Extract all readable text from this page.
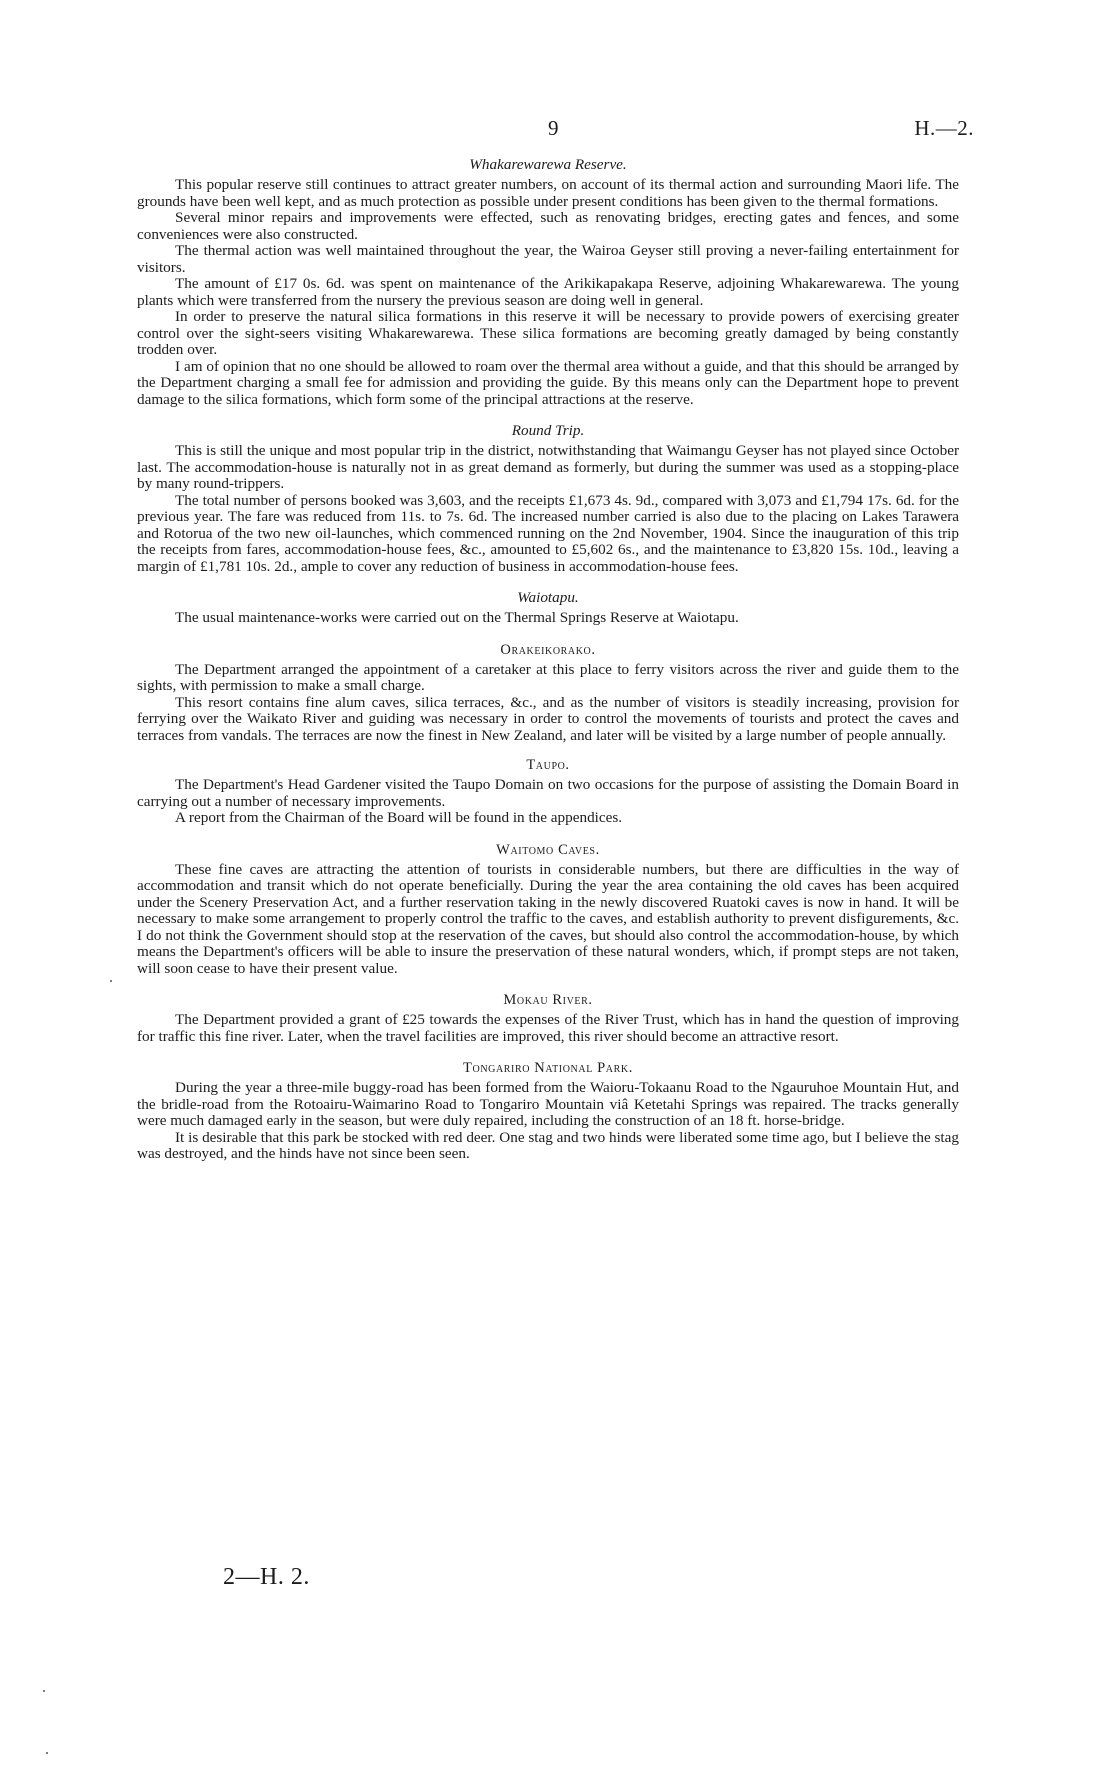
9	H.—2.
Whakarewarewa Reserve.

This popular reserve still continues to attract greater numbers, on account of its thermal action and surrounding Maori life. The grounds have been well kept, and as much protection as possible under present conditions has been given to the thermal formations.

Several minor repairs and improvements were effected, such as renovating bridges, erecting gates and fences, and some conveniences were also constructed.

The thermal action was well maintained throughout the year, the Wairoa Geyser still proving a never-failing entertainment for visitors.

The amount of £17 0s. 6d. was spent on maintenance of the Arikikapakapa Reserve, adjoining Whakarewarewa. The young plants which were transferred from the nursery the previous season are doing well in general.

In order to preserve the natural silica formations in this reserve it will be necessary to provide powers of exercising greater control over the sight-seers visiting Whakarewarewa. These silica formations are becoming greatly damaged by being constantly trodden over.

I am of opinion that no one should be allowed to roam over the thermal area without a guide, and that this should be arranged by the Department charging a small fee for admission and providing the guide. By this means only can the Department hope to prevent damage to the silica formations, which form some of the principal attractions at the reserve.

Round Trip.

This is still the unique and most popular trip in the district, notwithstanding that Waimangu Geyser has not played since October last. The accommodation-house is naturally not in as great demand as formerly, but during the summer was used as a stopping-place by many round-trippers.

The total number of persons booked was 3,603, and the receipts £1,673 4s. 9d., compared with 3,073 and £1,794 17s. 6d. for the previous year. The fare was reduced from 11s. to 7s. 6d. The increased number carried is also due to the placing on Lakes Tarawera and Rotorua of the two new oil-launches, which commenced running on the 2nd November, 1904. Since the inauguration of this trip the receipts from fares, accommodation-house fees, &c., amounted to £5,602 6s., and the maintenance to £3,820 15s. 10d., leaving a margin of £1,781 10s. 2d., ample to cover any reduction of business in accommodation-house fees.

Waiotapu.

The usual maintenance-works were carried out on the Thermal Springs Reserve at Waiotapu.

Orakeikorako.

The Department arranged the appointment of a caretaker at this place to ferry visitors across the river and guide them to the sights, with permission to make a small charge.

This resort contains fine alum caves, silica terraces, &c., and as the number of visitors is steadily increasing, provision for ferrying over the Waikato River and guiding was necessary in order to control the movements of tourists and protect the caves and terraces from vandals. The terraces are now the finest in New Zealand, and later will be visited by a large number of people annually.

Taupo.

The Department's Head Gardener visited the Taupo Domain on two occasions for the purpose of assisting the Domain Board in carrying out a number of necessary improvements.

A report from the Chairman of the Board will be found in the appendices.

Waitomo Caves.

These fine caves are attracting the attention of tourists in considerable numbers, but there are difficulties in the way of accommodation and transit which do not operate beneficially. During the year the area containing the old caves has been acquired under the Scenery Preservation Act, and a further reservation taking in the newly discovered Ruatoki caves is now in hand. It will be necessary to make some arrangement to properly control the traffic to the caves, and establish authority to prevent disfigurements, &c. I do not think the Government should stop at the reservation of the caves, but should also control the accommodation-house, by which means the Department's officers will be able to insure the preservation of these natural wonders, which, if prompt steps are not taken, will soon cease to have their present value.

Mokau River.

The Department provided a grant of £25 towards the expenses of the River Trust, which has in hand the question of improving for traffic this fine river. Later, when the travel facilities are improved, this river should become an attractive resort.

Tongariro National Park.

During the year a three-mile buggy-road has been formed from the Waioru-Tokaanu Road to the Ngauruhoe Mountain Hut, and the bridle-road from the Rotoairu-Waimarino Road to Tongariro Mountain viâ Ketetahi Springs was repaired. The tracks generally were much damaged early in the season, but were duly repaired, including the construction of an 18 ft. horse-bridge.

It is desirable that this park be stocked with red deer. One stag and two hinds were liberated some time ago, but I believe the stag was destroyed, and the hinds have not since been seen.

2—H. 2.
